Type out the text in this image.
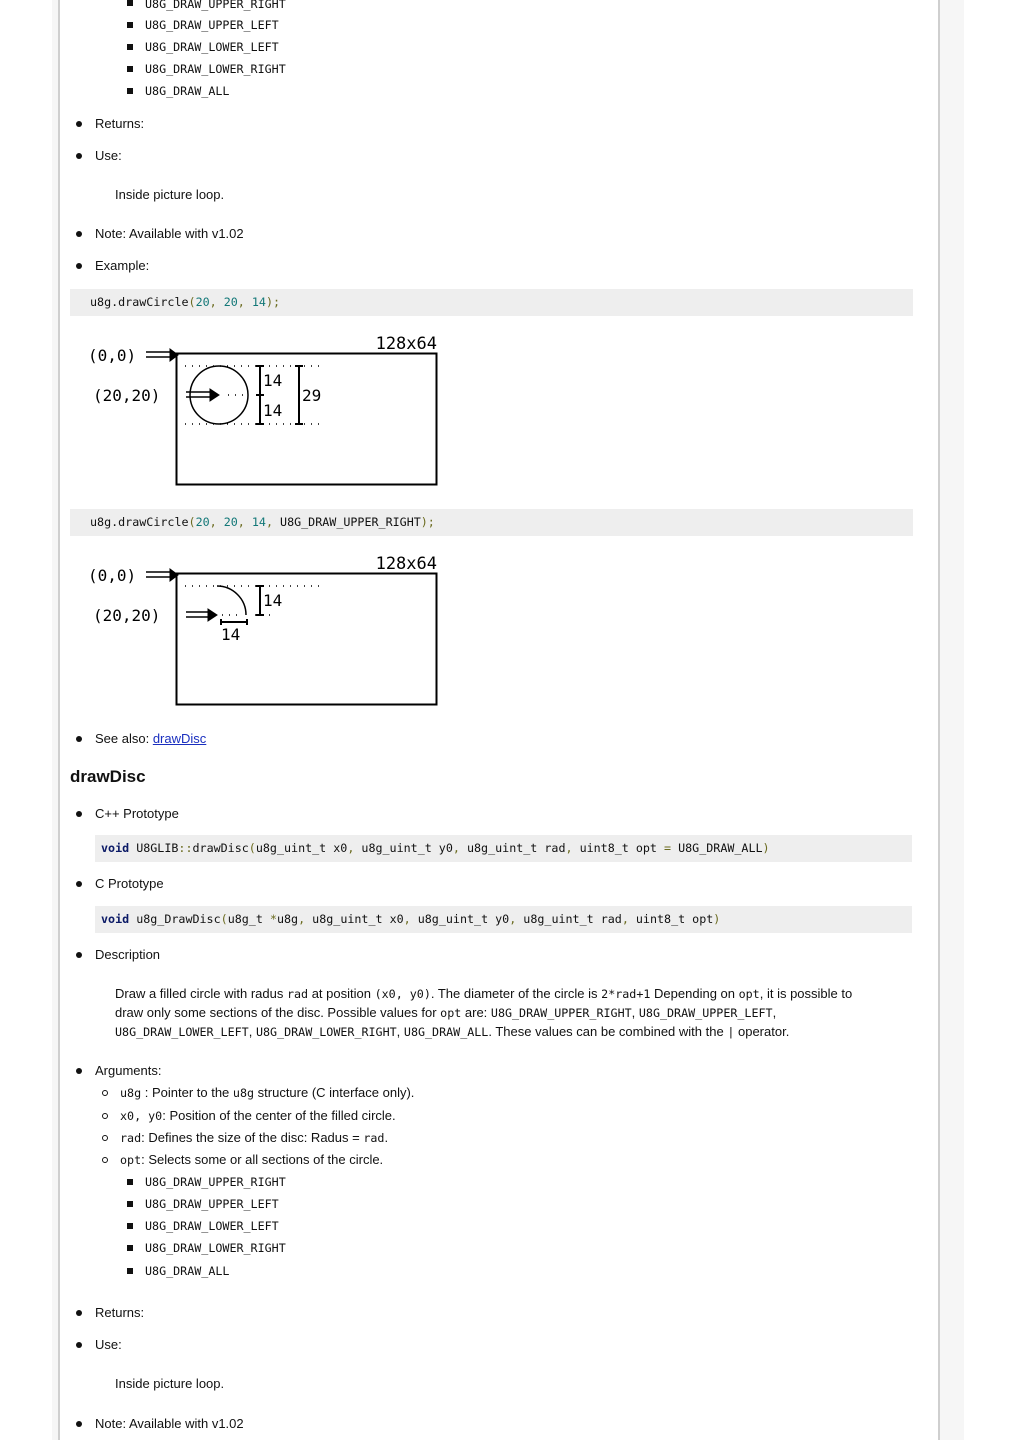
U8G_DRAW_UPPER_RIGHT
U8G_DRAW_UPPER_LEFT
U8G_DRAW_LOWER_LEFT
U8G_DRAW_LOWER_RIGHT
U8G_DRAW_ALL
Returns:
Use:
Inside picture loop.
Note: Available with v1.02
Example:
u8g.drawCircle(20, 20, 14);
128x64
(0,0)
(20,20)
14
14
29
128x64
(0,0)
(20,20)
14
14
u8g.drawCircle(20, 20, 14, U8G_DRAW_UPPER_RIGHT);
See also: drawDisc
drawDisc
C++ Prototype
void U8GLIB::drawDisc(u8g_uint_t x0, u8g_uint_t y0, u8g_uint_t rad, uint8_t opt = U8G_DRAW_ALL)
C Prototype
void u8g_DrawDisc(u8g_t *u8g, u8g_uint_t x0, u8g_uint_t y0, u8g_uint_t rad, uint8_t opt)
Description
Draw a filled circle with radus rad at position (x0, y0). The diameter of the circle is 2*rad+1 Depending on opt, it is possible to
draw only some sections of the disc. Possible values for opt are: U8G_DRAW_UPPER_RIGHT, U8G_DRAW_UPPER_LEFT,
U8G_DRAW_LOWER_LEFT, U8G_DRAW_LOWER_RIGHT, U8G_DRAW_ALL. These values can be combined with the | operator.
Arguments:
u8g : Pointer to the u8g structure (C interface only).
x0, y0: Position of the center of the filled circle.
rad: Defines the size of the disc: Radus = rad.
opt: Selects some or all sections of the circle.
U8G_DRAW_UPPER_RIGHT
U8G_DRAW_UPPER_LEFT
U8G_DRAW_LOWER_LEFT
U8G_DRAW_LOWER_RIGHT
U8G_DRAW_ALL
Returns:
Use:
Inside picture loop.
Note: Available with v1.02
